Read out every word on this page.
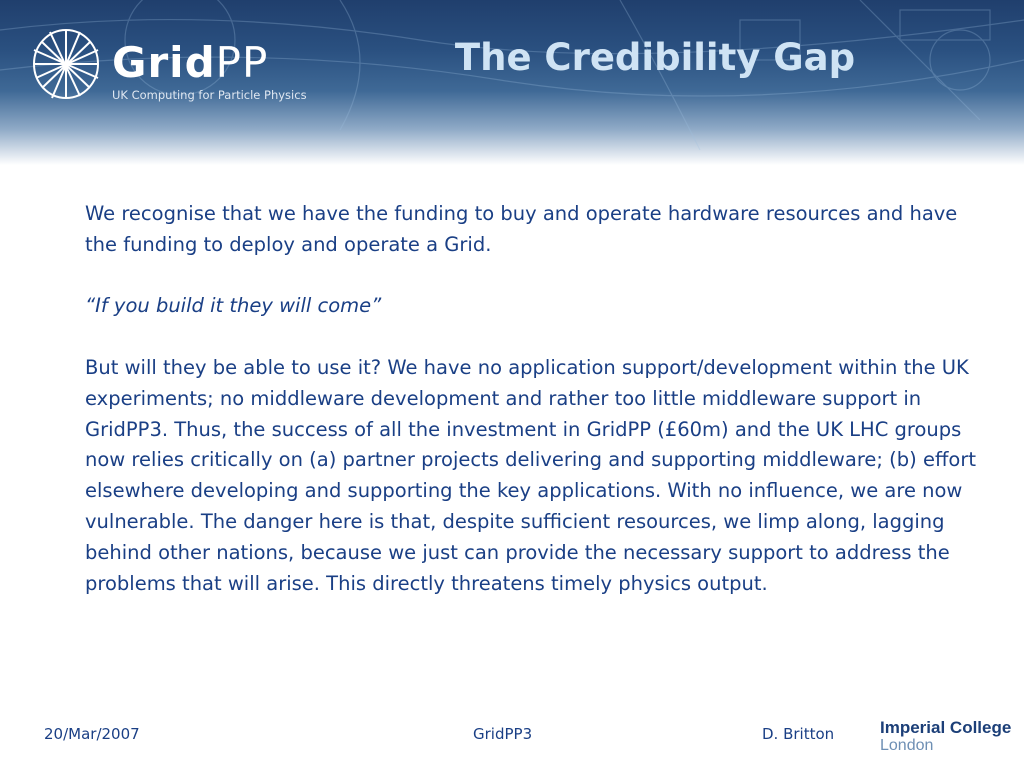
GridPP
UK Computing for Particle Physics
The Credibility Gap

We recognise that we have the funding to buy and operate hardware resources and have the funding to deploy and operate a Grid.

“If you build it they will come”

But will they be able to use it? We have no application support/development within the UK experiments; no middleware development and rather too little middleware support in GridPP3. Thus, the success of all the investment in GridPP (£60m) and the UK LHC groups now relies critically on (a) partner projects delivering and supporting middleware; (b) effort elsewhere developing and supporting the key applications. With no influence, we are now vulnerable. The danger here is that, despite sufficient resources, we limp along, lagging behind other nations, because we just can provide the necessary support to address the problems that will arise. This directly threatens timely physics output.

20/Mar/2007	GridPP3	D. Britton	Imperial College
London
